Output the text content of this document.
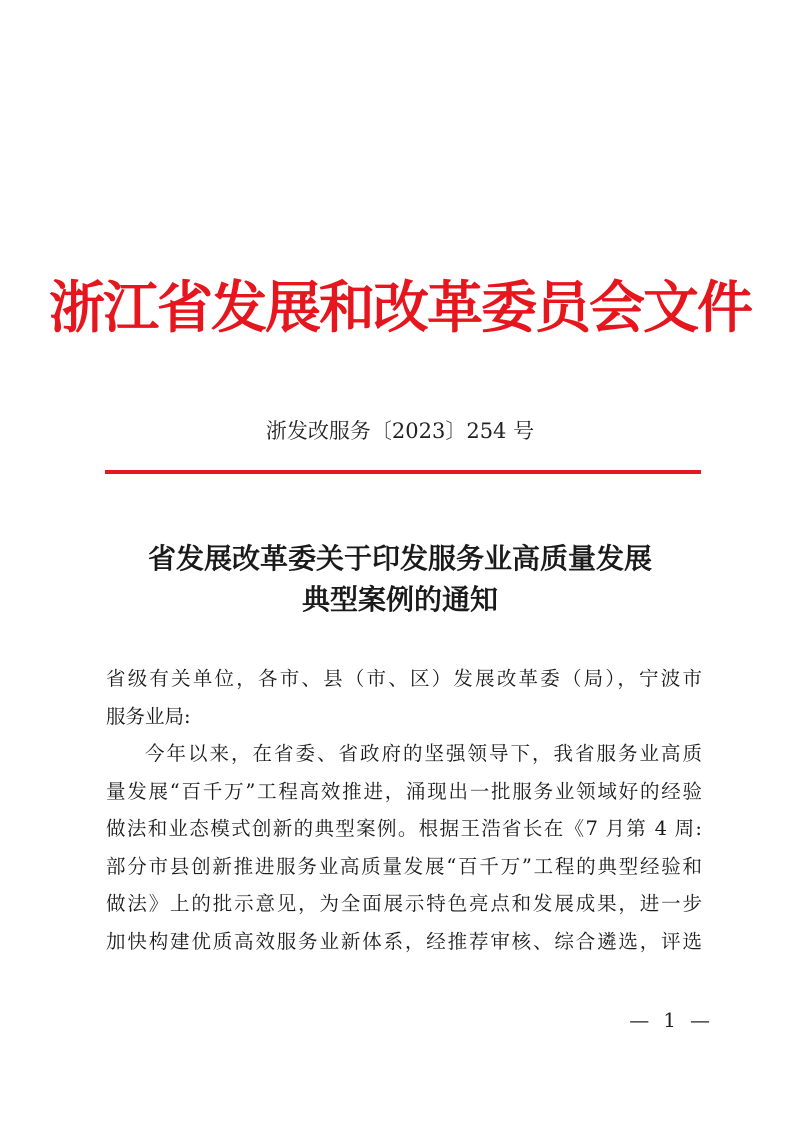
浙江省发展和改革委员会文件
浙发改服务〔2023〕254 号
省发展改革委关于印发服务业高质量发展
典型案例的通知
省级有关单位，各市、县（市、区）发展改革委（局），宁波市
服务业局:
今年以来，在省委、省政府的坚强领导下，我省服务业高质
量发展“百千万”工程高效推进，涌现出一批服务业领域好的经验
做法和业态模式创新的典型案例。根据王浩省长在《7 月第 4 周:
部分市县创新推进服务业高质量发展“百千万”工程的典型经验和
做法》上的批示意见，为全面展示特色亮点和发展成果，进一步
加快构建优质高效服务业新体系，经推荐审核、综合遴选，评选
— 1 —
